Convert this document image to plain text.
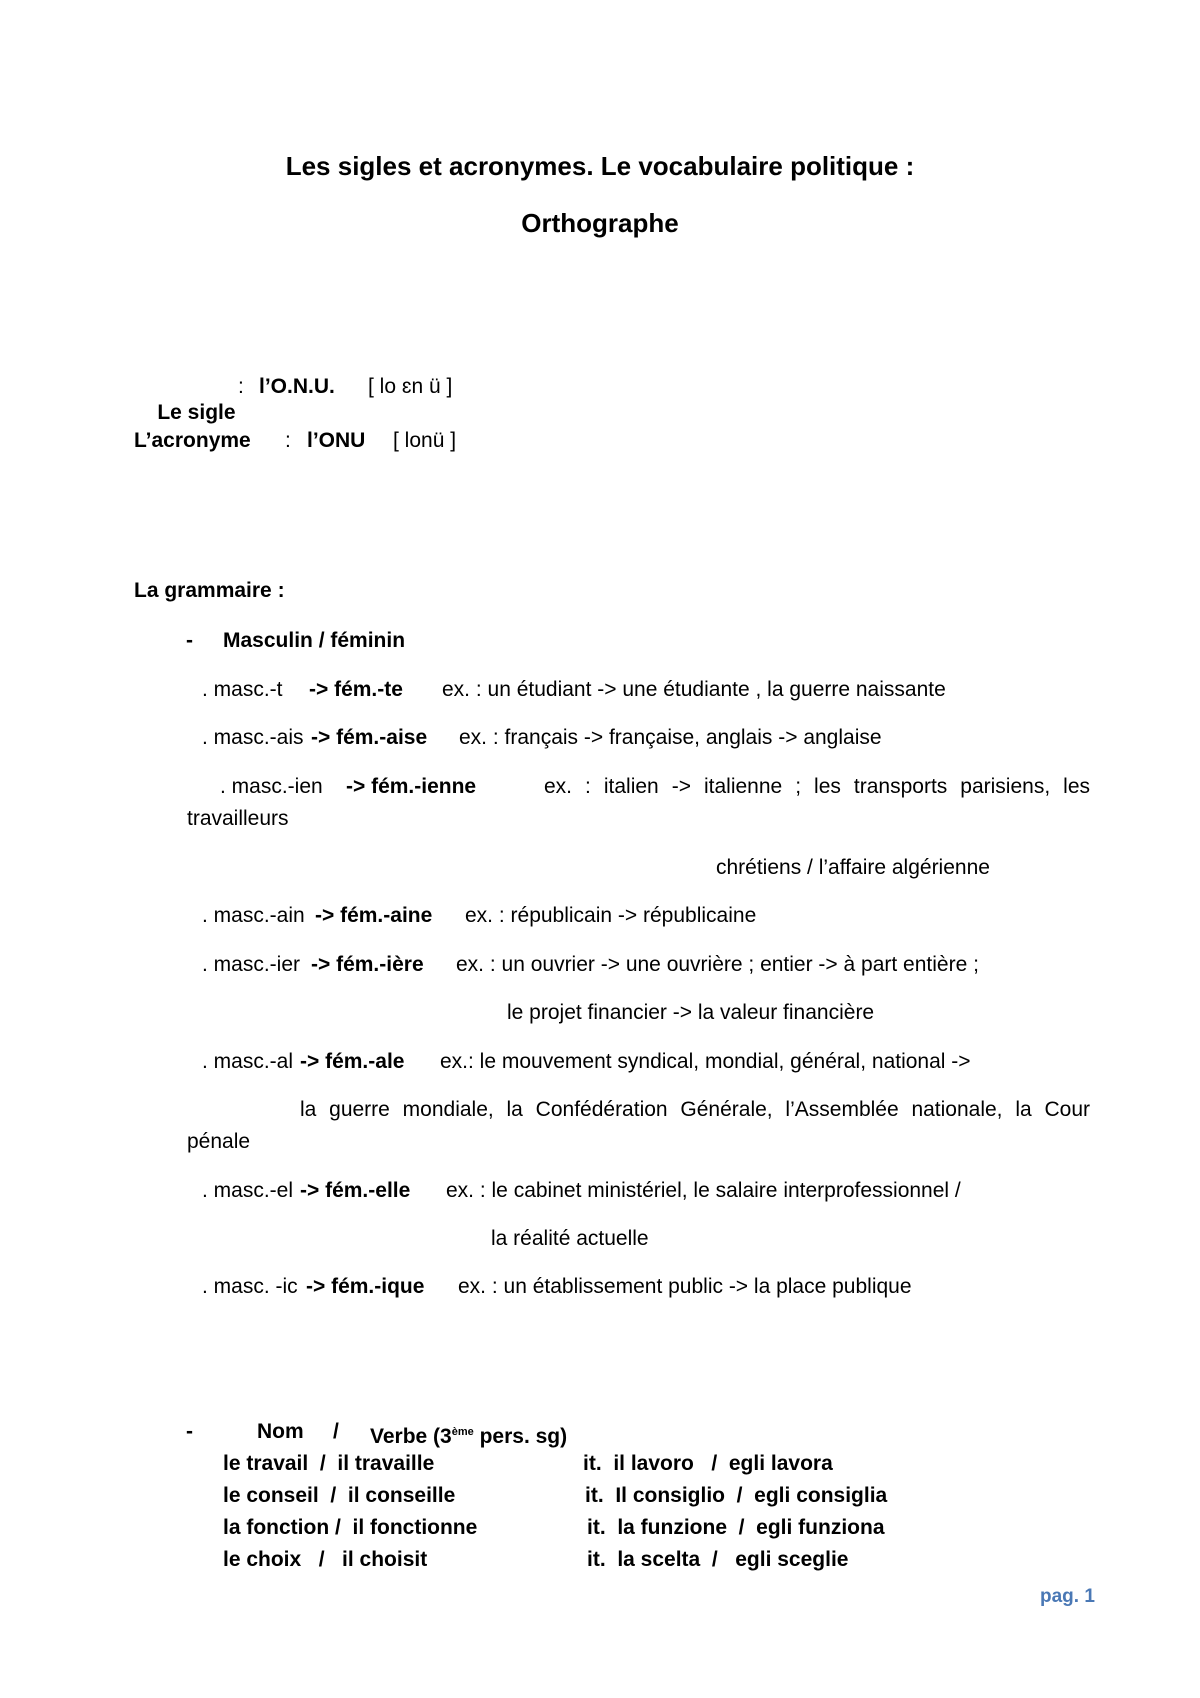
Les sigles et acronymes. Le vocabulaire politique :
Orthographe

Le sigle

: l’O.N.U. [ lo ɛn ü ]
L’acronyme : l’ONU [ lonü ]
La grammaire :
- Masculin / féminin
. masc.-t -> fém.-te ex. : un étudiant -> une étudiante , la guerre naissante
. masc.-ais -> fém.-aise ex. : français -> française, anglais -> anglaise
. masc.-ien -> fém.-ienne	ex. : italien -> italienne ; les transports parisiens, les
travailleurs
chrétiens / l’affaire algérienne
. masc.-ain -> fém.-aine ex. : républicain -> républicaine
. masc.-ier -> fém.-ière ex. : un ouvrier -> une ouvrière ; entier -> à part entière ;
le projet financier -> la valeur financière
. masc.-al -> fém.-ale ex.: le mouvement syndical, mondial, général, national ->
la guerre mondiale, la Confédération Générale, l’Assemblée nationale, la Cour
pénale
. masc.-el -> fém.-elle ex. : le cabinet ministériel, le salaire interprofessionnel /
la réalité actuelle
. masc. -ic -> fém.-ique ex. : un établissement public -> la place publique
-	Nom / Verbe (3ème pers. sg)
le travail  /  il travaille	it.  il lavoro   /  egli lavora
le conseil  /  il conseille	it.  Il consiglio  /  egli consiglia
la fonction /  il fonctionne	it.  la funzione  /  egli funziona
le choix   /   il choisit	it.  la scelta  /   egli sceglie
pag. 1
